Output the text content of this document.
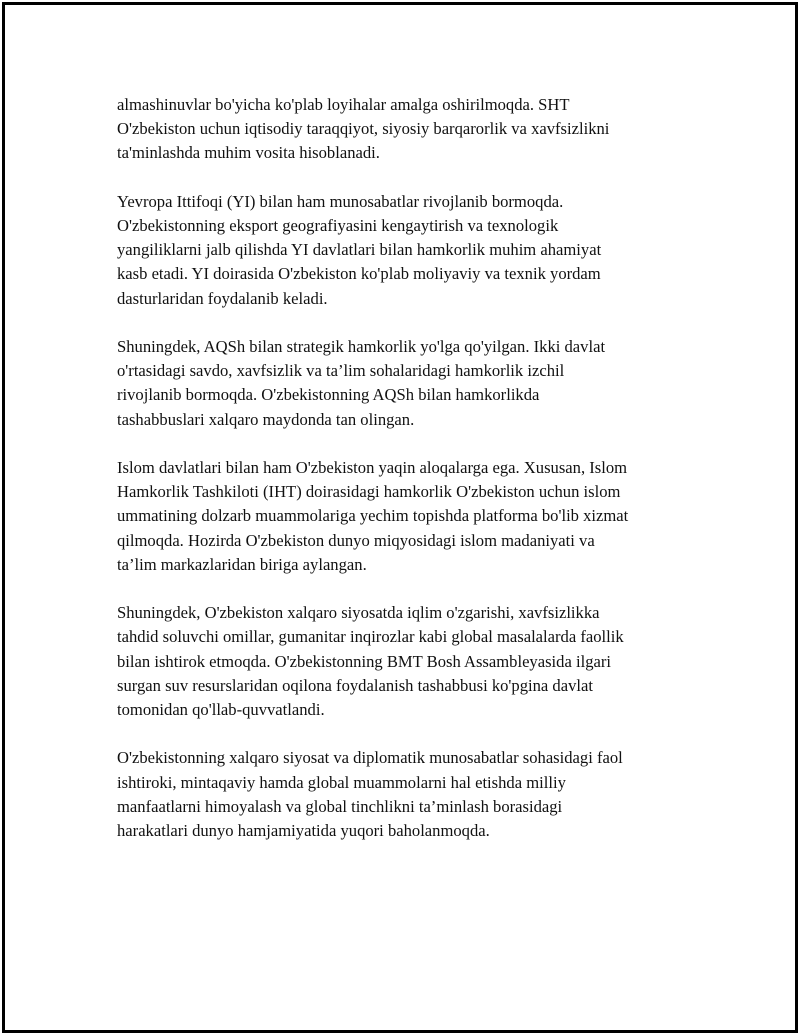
almashinuvlar bo'yicha ko'plab loyihalar amalga oshirilmoqda. SHT
O'zbekiston uchun iqtisodiy taraqqiyot, siyosiy barqarorlik va xavfsizlikni
ta'minlashda muhim vosita hisoblanadi.

Yevropa Ittifoqi (YI) bilan ham munosabatlar rivojlanib bormoqda.
O'zbekistonning eksport geografiyasini kengaytirish va texnologik
yangiliklarni jalb qilishda YI davlatlari bilan hamkorlik muhim ahamiyat
kasb etadi. YI doirasida O'zbekiston ko'plab moliyaviy va texnik yordam
dasturlaridan foydalanib keladi.

Shuningdek, AQSh bilan strategik hamkorlik yo'lga qo'yilgan. Ikki davlat
o'rtasidagi savdo, xavfsizlik va ta’lim sohalaridagi hamkorlik izchil
rivojlanib bormoqda. O'zbekistonning AQSh bilan hamkorlikda
tashabbuslari xalqaro maydonda tan olingan.

Islom davlatlari bilan ham O'zbekiston yaqin aloqalarga ega. Xususan, Islom
Hamkorlik Tashkiloti (IHT) doirasidagi hamkorlik O'zbekiston uchun islom
ummatining dolzarb muammolariga yechim topishda platforma bo'lib xizmat
qilmoqda. Hozirda O'zbekiston dunyo miqyosidagi islom madaniyati va
ta’lim markazlaridan biriga aylangan.

Shuningdek, O'zbekiston xalqaro siyosatda iqlim o'zgarishi, xavfsizlikka
tahdid soluvchi omillar, gumanitar inqirozlar kabi global masalalarda faollik
bilan ishtirok etmoqda. O'zbekistonning BMT Bosh Assambleyasida ilgari
surgan suv resurslaridan oqilona foydalanish tashabbusi ko'pgina davlat
tomonidan qo'llab-quvvatlandi.

O'zbekistonning xalqaro siyosat va diplomatik munosabatlar sohasidagi faol
ishtiroki, mintaqaviy hamda global muammolarni hal etishda milliy
manfaatlarni himoyalash va global tinchlikni ta’minlash borasidagi
harakatlari dunyo hamjamiyatida yuqori baholanmoqda.
